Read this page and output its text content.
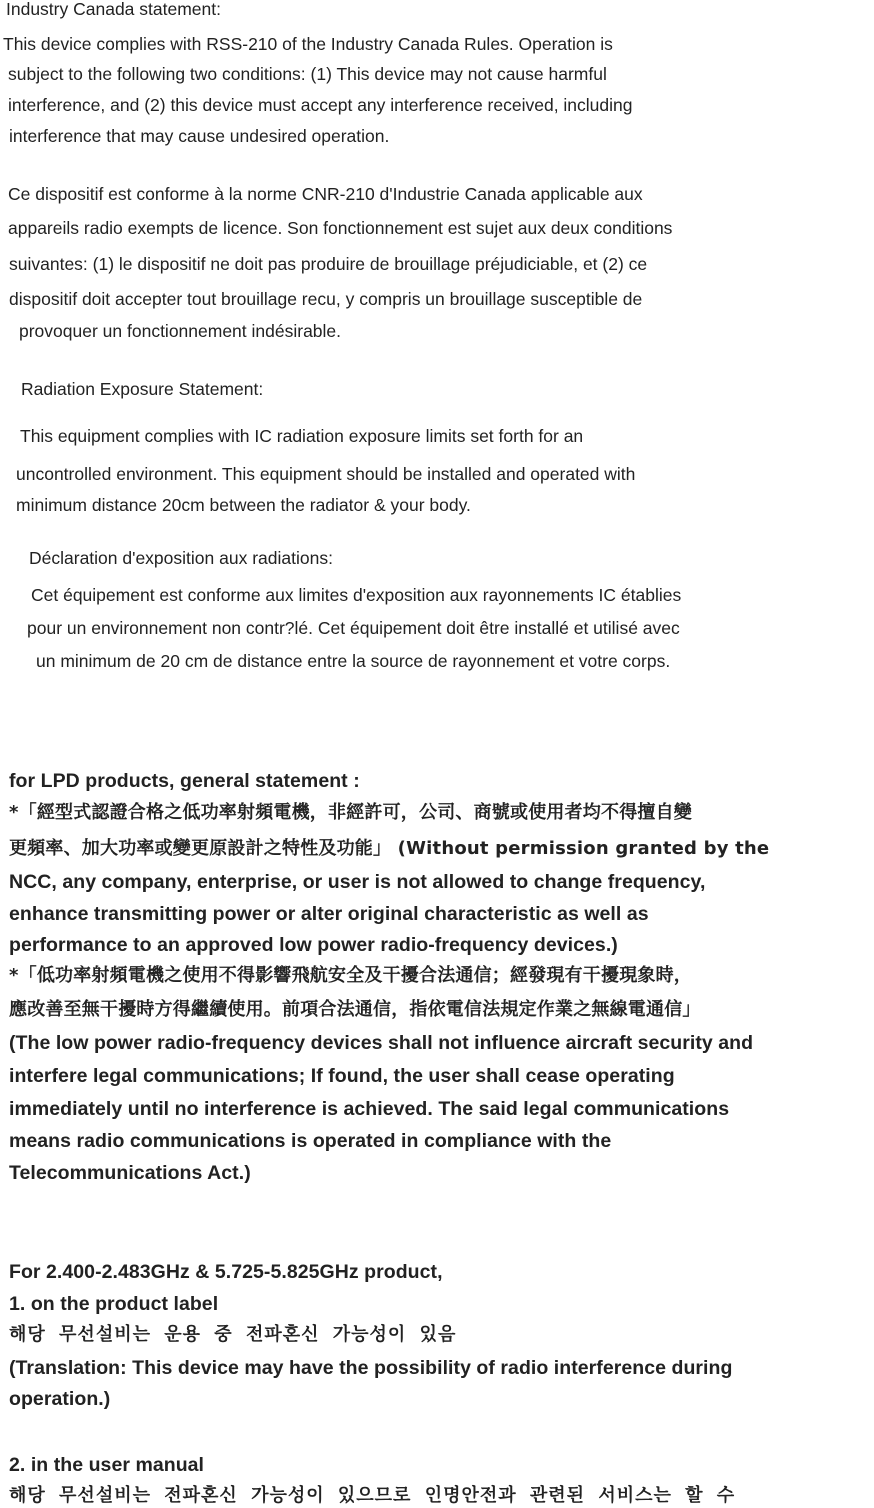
Industry Canada statement:

This device complies with RSS-210 of the Industry Canada Rules. Operation is

subject to the following two conditions: (1) This device may not cause harmful

interference, and (2) this device must accept any interference received, including

interference that may cause undesired operation.

Ce dispositif est conforme à la norme CNR-210 d'Industrie Canada applicable aux

appareils radio exempts de licence. Son fonctionnement est sujet aux deux conditions

suivantes: (1) le dispositif ne doit pas produire de brouillage préjudiciable, et (2) ce

dispositif doit accepter tout brouillage recu, y compris un brouillage susceptible de

provoquer un fonctionnement indésirable.

Radiation Exposure Statement:

This equipment complies with IC radiation exposure limits set forth for an

uncontrolled environment. This equipment should be installed and operated with

minimum distance 20cm between the radiator & your body.

Déclaration d'exposition aux radiations:

Cet équipement est conforme aux limites d'exposition aux rayonnements IC établies

pour un environnement non contr?lé. Cet équipement doit être installé et utilisé avec

un minimum de 20 cm de distance entre la source de rayonnement et votre corps.

for LPD products, general statement :

*「經型式認證合格之低功率射頻電機，非經許可，公司、商號或使用者均不得擅自變

更頻率、加大功率或變更原設計之特性及功能」 (Without permission granted by the

NCC, any company, enterprise, or user is not allowed to change frequency,

enhance transmitting power or alter original characteristic as well as

performance to an approved low power radio-frequency devices.)

*「低功率射頻電機之使用不得影響飛航安全及干擾合法通信；經發現有干擾現象時，

應改善至無干擾時方得繼續使用。前項合法通信，指依電信法規定作業之無線電通信」

(The low power radio-frequency devices shall not influence aircraft security and

interfere legal communications; If found, the user shall cease operating

immediately until no interference is achieved. The said legal communications

means radio communications is operated in compliance with the

Telecommunications Act.)

For 2.400-2.483GHz & 5.725-5.825GHz product,

1. on the product label

해당 무선설비는 운용 중 전파혼신 가능성이 있음

(Translation: This device may have the possibility of radio interference during

operation.)

2. in the user manual

해당 무선설비는 전파혼신 가능성이 있으므로 인명안전과 관련된 서비스는 할 수
